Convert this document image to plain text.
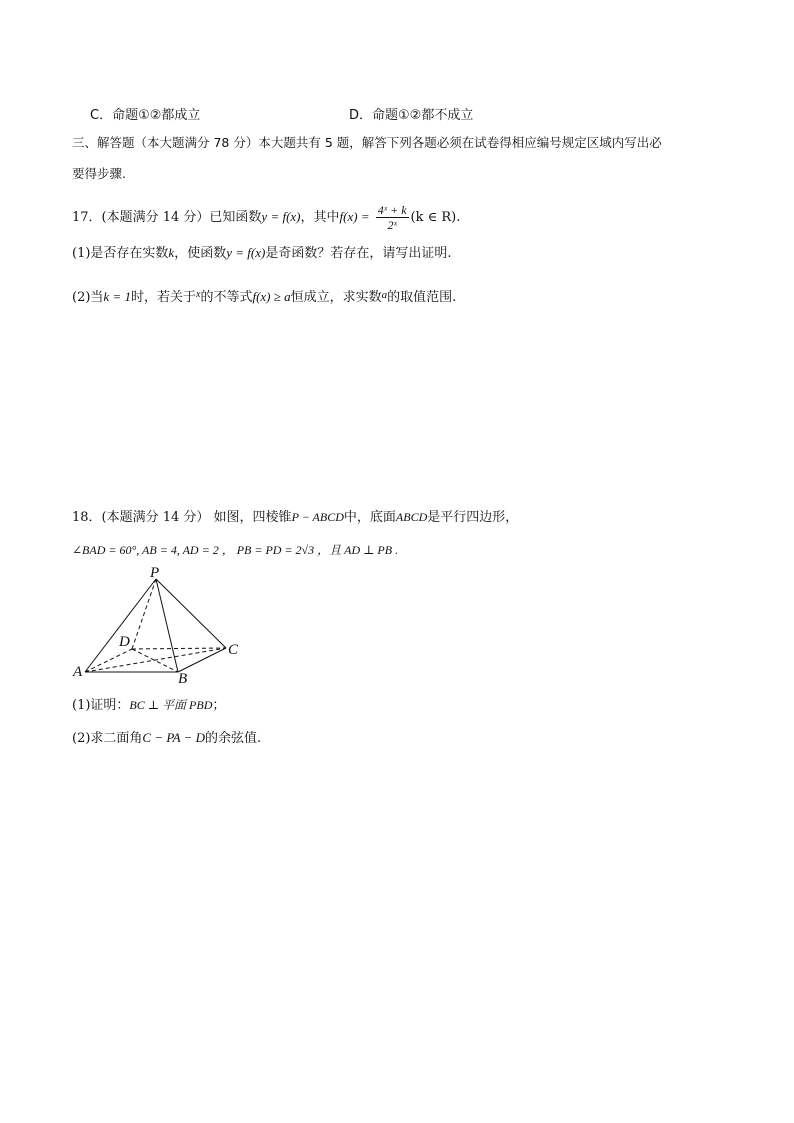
C．命题①②都成立	D．命题①②都不成立
三、解答题（本大题满分 78 分）本大题共有 5 题，解答下列各题必须在试卷得相应编号规定区域内写出必
要得步骤.
17．(本题满分 14 分）已知函数y = f(x)，其中$f(x) = \frac{\text{4ˣ + k}}{\text{2ˣ}} (k$ ∈ R).
(1)是否存在实数k，使函数y = f(x)是奇函数？若存在，请写出证明.
(2)当k = 1时，若关于$^x$的不等式f(x) ≥ a恒成立，求实数$^a$的取值范围.
18．(本题满分 14 分） 如图，四棱锥P − ABCD中，底面ABCD是平行四边形，
∠BAD = 60°, AB = 4, AD = 2 ， PB = PD = 2√3 ，且 AD ⊥ PB .
P
A	B
C
D
(1)证明：BC ⊥ 平面 PBD；
(2)求二面角C − PA − D的余弦值.
